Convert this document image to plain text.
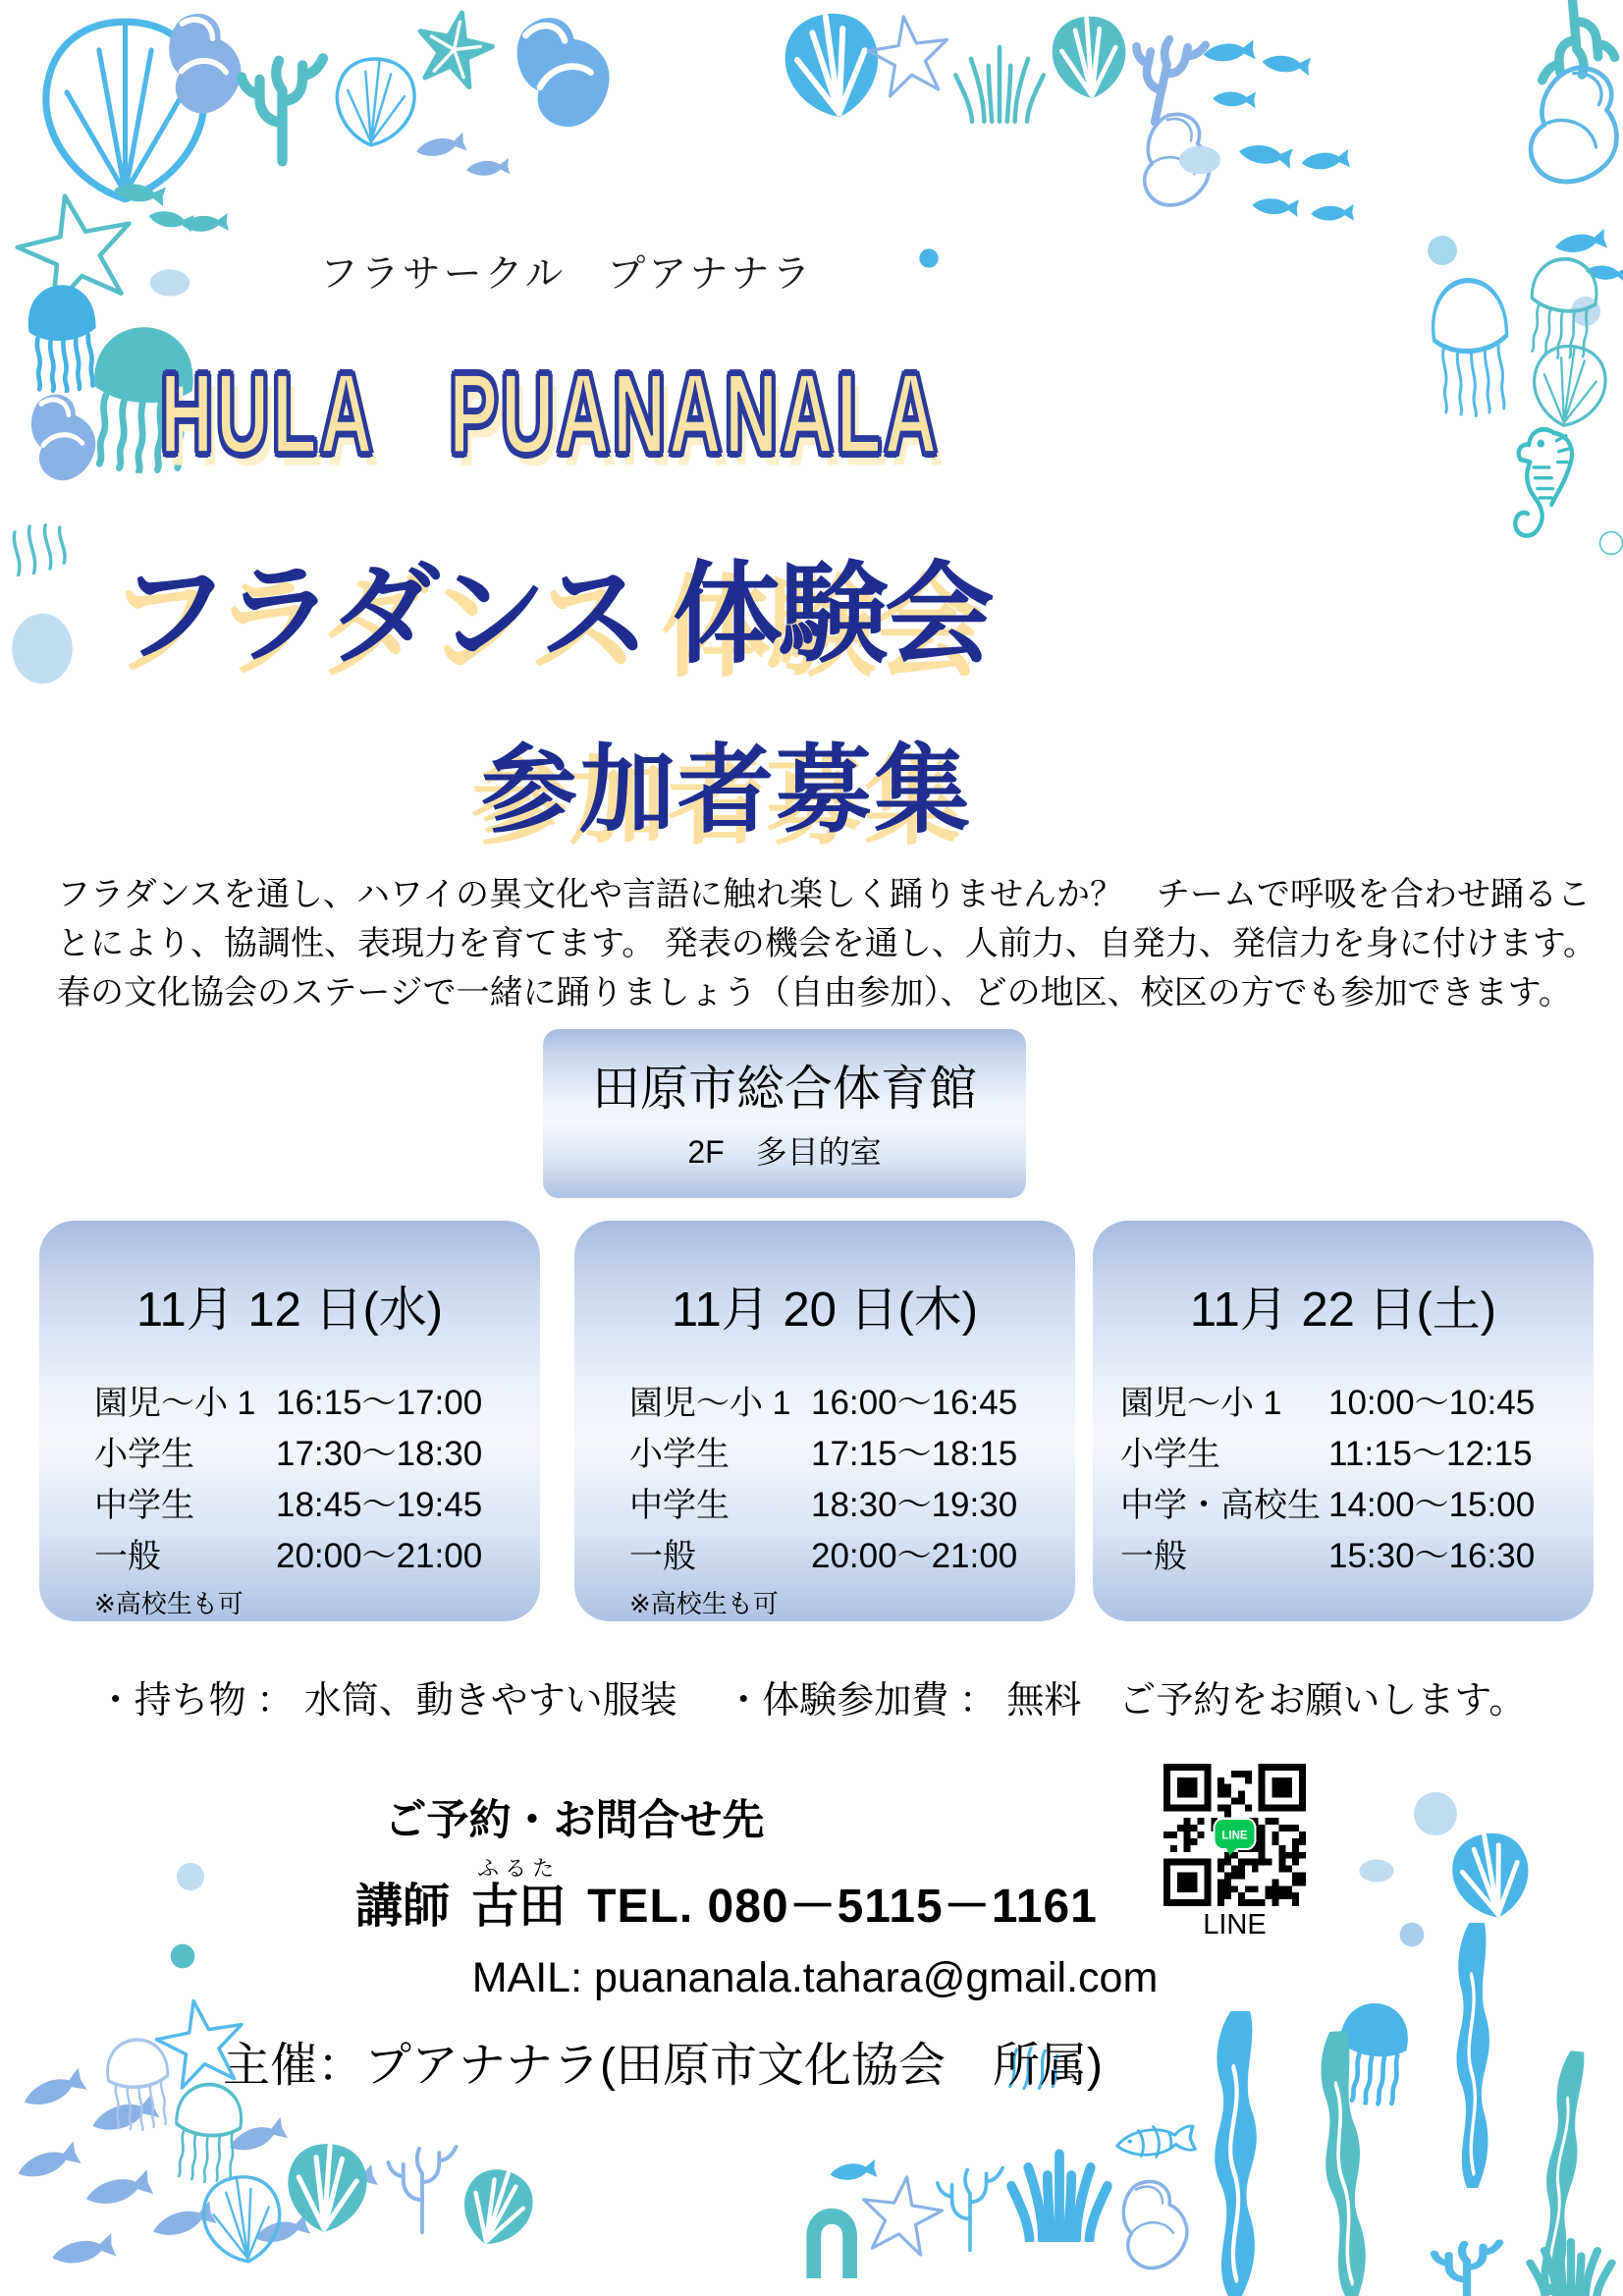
フラサークル　プアナナラ
HULA　PUANANALA
フラダンス 体験会
参加者募集
フラダンスを通し、ハワイの異文化や言語に触れ楽しく踊りませんか？　チームで呼吸を合わせ踊るこ
とにより、協調性、表現力を育てます。 発表の機会を通し、人前力、自発力、発信力を身に付けます。
春の文化協会のステージで一緒に踊りましょう（自由参加）、どの地区、校区の方でも参加できます。
田原市総合体育館
2F　多目的室
11月 12 日(水)
園児～小 1 16:15～17:00
小学生	17:30～18:30
中学生	18:45～19:45
一般	20:00～21:00
※高校生も可
11月 20 日(木)
園児～小 1 16:00～16:45
小学生	17:15～18:15
中学生	18:30～19:30
一般	20:00～21:00
※高校生も可
11月 22 日(土)
園児～小 1	10:00～10:45
小学生	11:15～12:15
中学・高校生 14:00～15:00
一般	15:30～16:30
・持ち物 ： 水筒、動きやすい服装　 ・体験参加費 ： 無料　ご予約をお願いします。
ご予約・お問合せ先
講師
ふるた
古田 TEL. 080－5115－1161
MAIL: puananala.tahara@gmail.com
主催：プアナナラ(田原市文化協会　所属)
LINE
LINE
